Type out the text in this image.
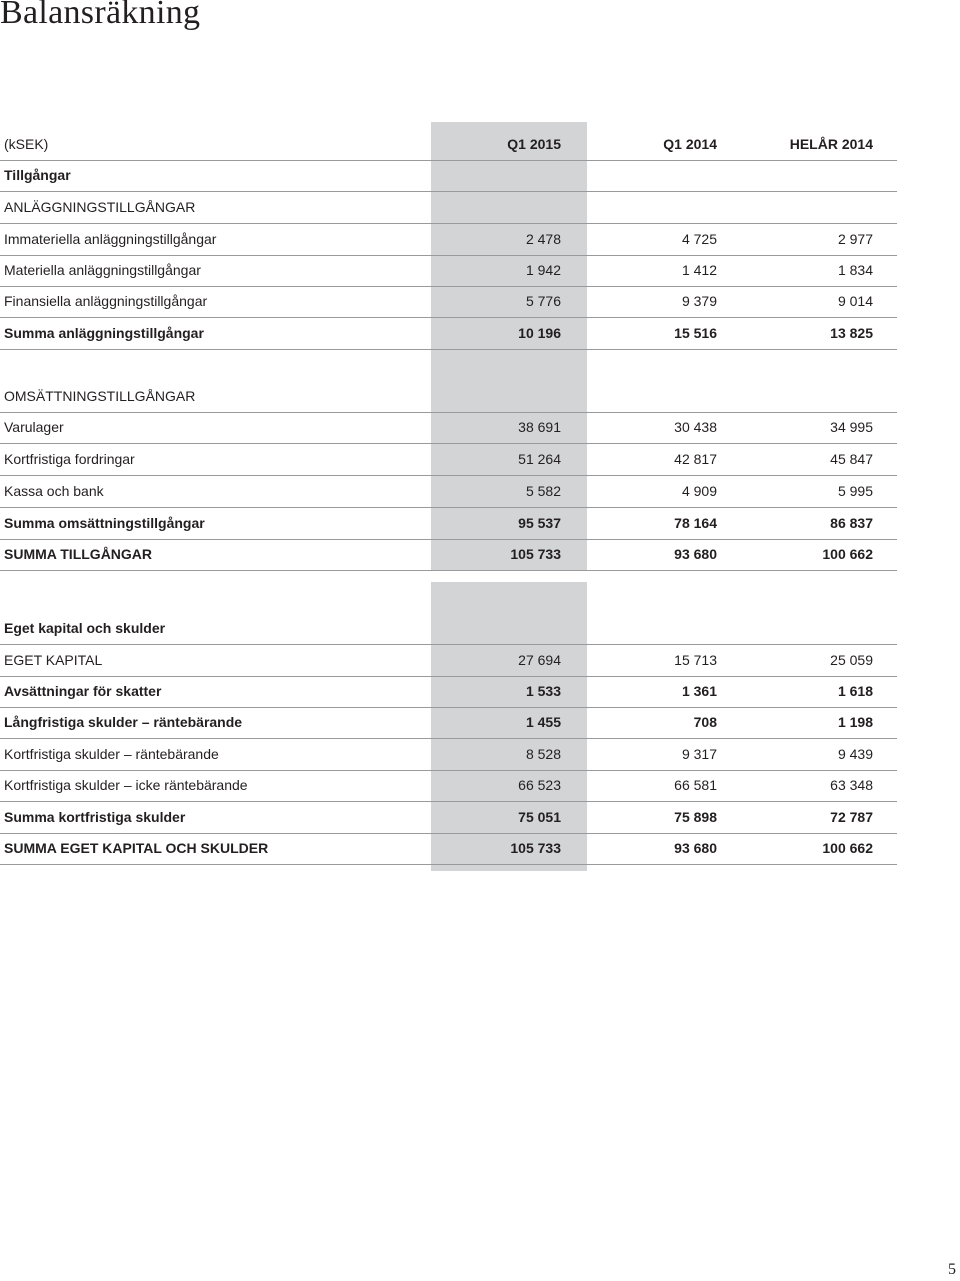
Balansräkning
(kSEK)	Q1 2015	Q1 2014	HELÅR 2014
Tillgångar
ANLÄGGNINGSTILLGÅNGAR
Immateriella anläggningstillgångar	2 478	4 725	2 977
Materiella anläggningstillgångar	1 942	1 412	1 834
Finansiella anläggningstillgångar	5 776	9 379	9 014
Summa anläggningstillgångar	10 196	15 516	13 825
OMSÄTTNINGSTILLGÅNGAR
Varulager	38 691	30 438	34 995
Kortfristiga fordringar	51 264	42 817	45 847
Kassa och bank	5 582	4 909	5 995
Summa omsättningstillgångar	95 537	78 164	86 837
SUMMA TILLGÅNGAR	105 733	93 680	100 662
Eget kapital och skulder
EGET KAPITAL	27 694	15 713	25 059
Avsättningar för skatter	1 533	1 361	1 618
Långfristiga skulder – räntebärande	1 455	708	1 198
Kortfristiga skulder – räntebärande	8 528	9 317	9 439
Kortfristiga skulder – icke räntebärande	66 523	66 581	63 348
Summa kortfristiga skulder	75 051	75 898	72 787
SUMMA EGET KAPITAL OCH SKULDER	105 733	93 680	100 662
5
